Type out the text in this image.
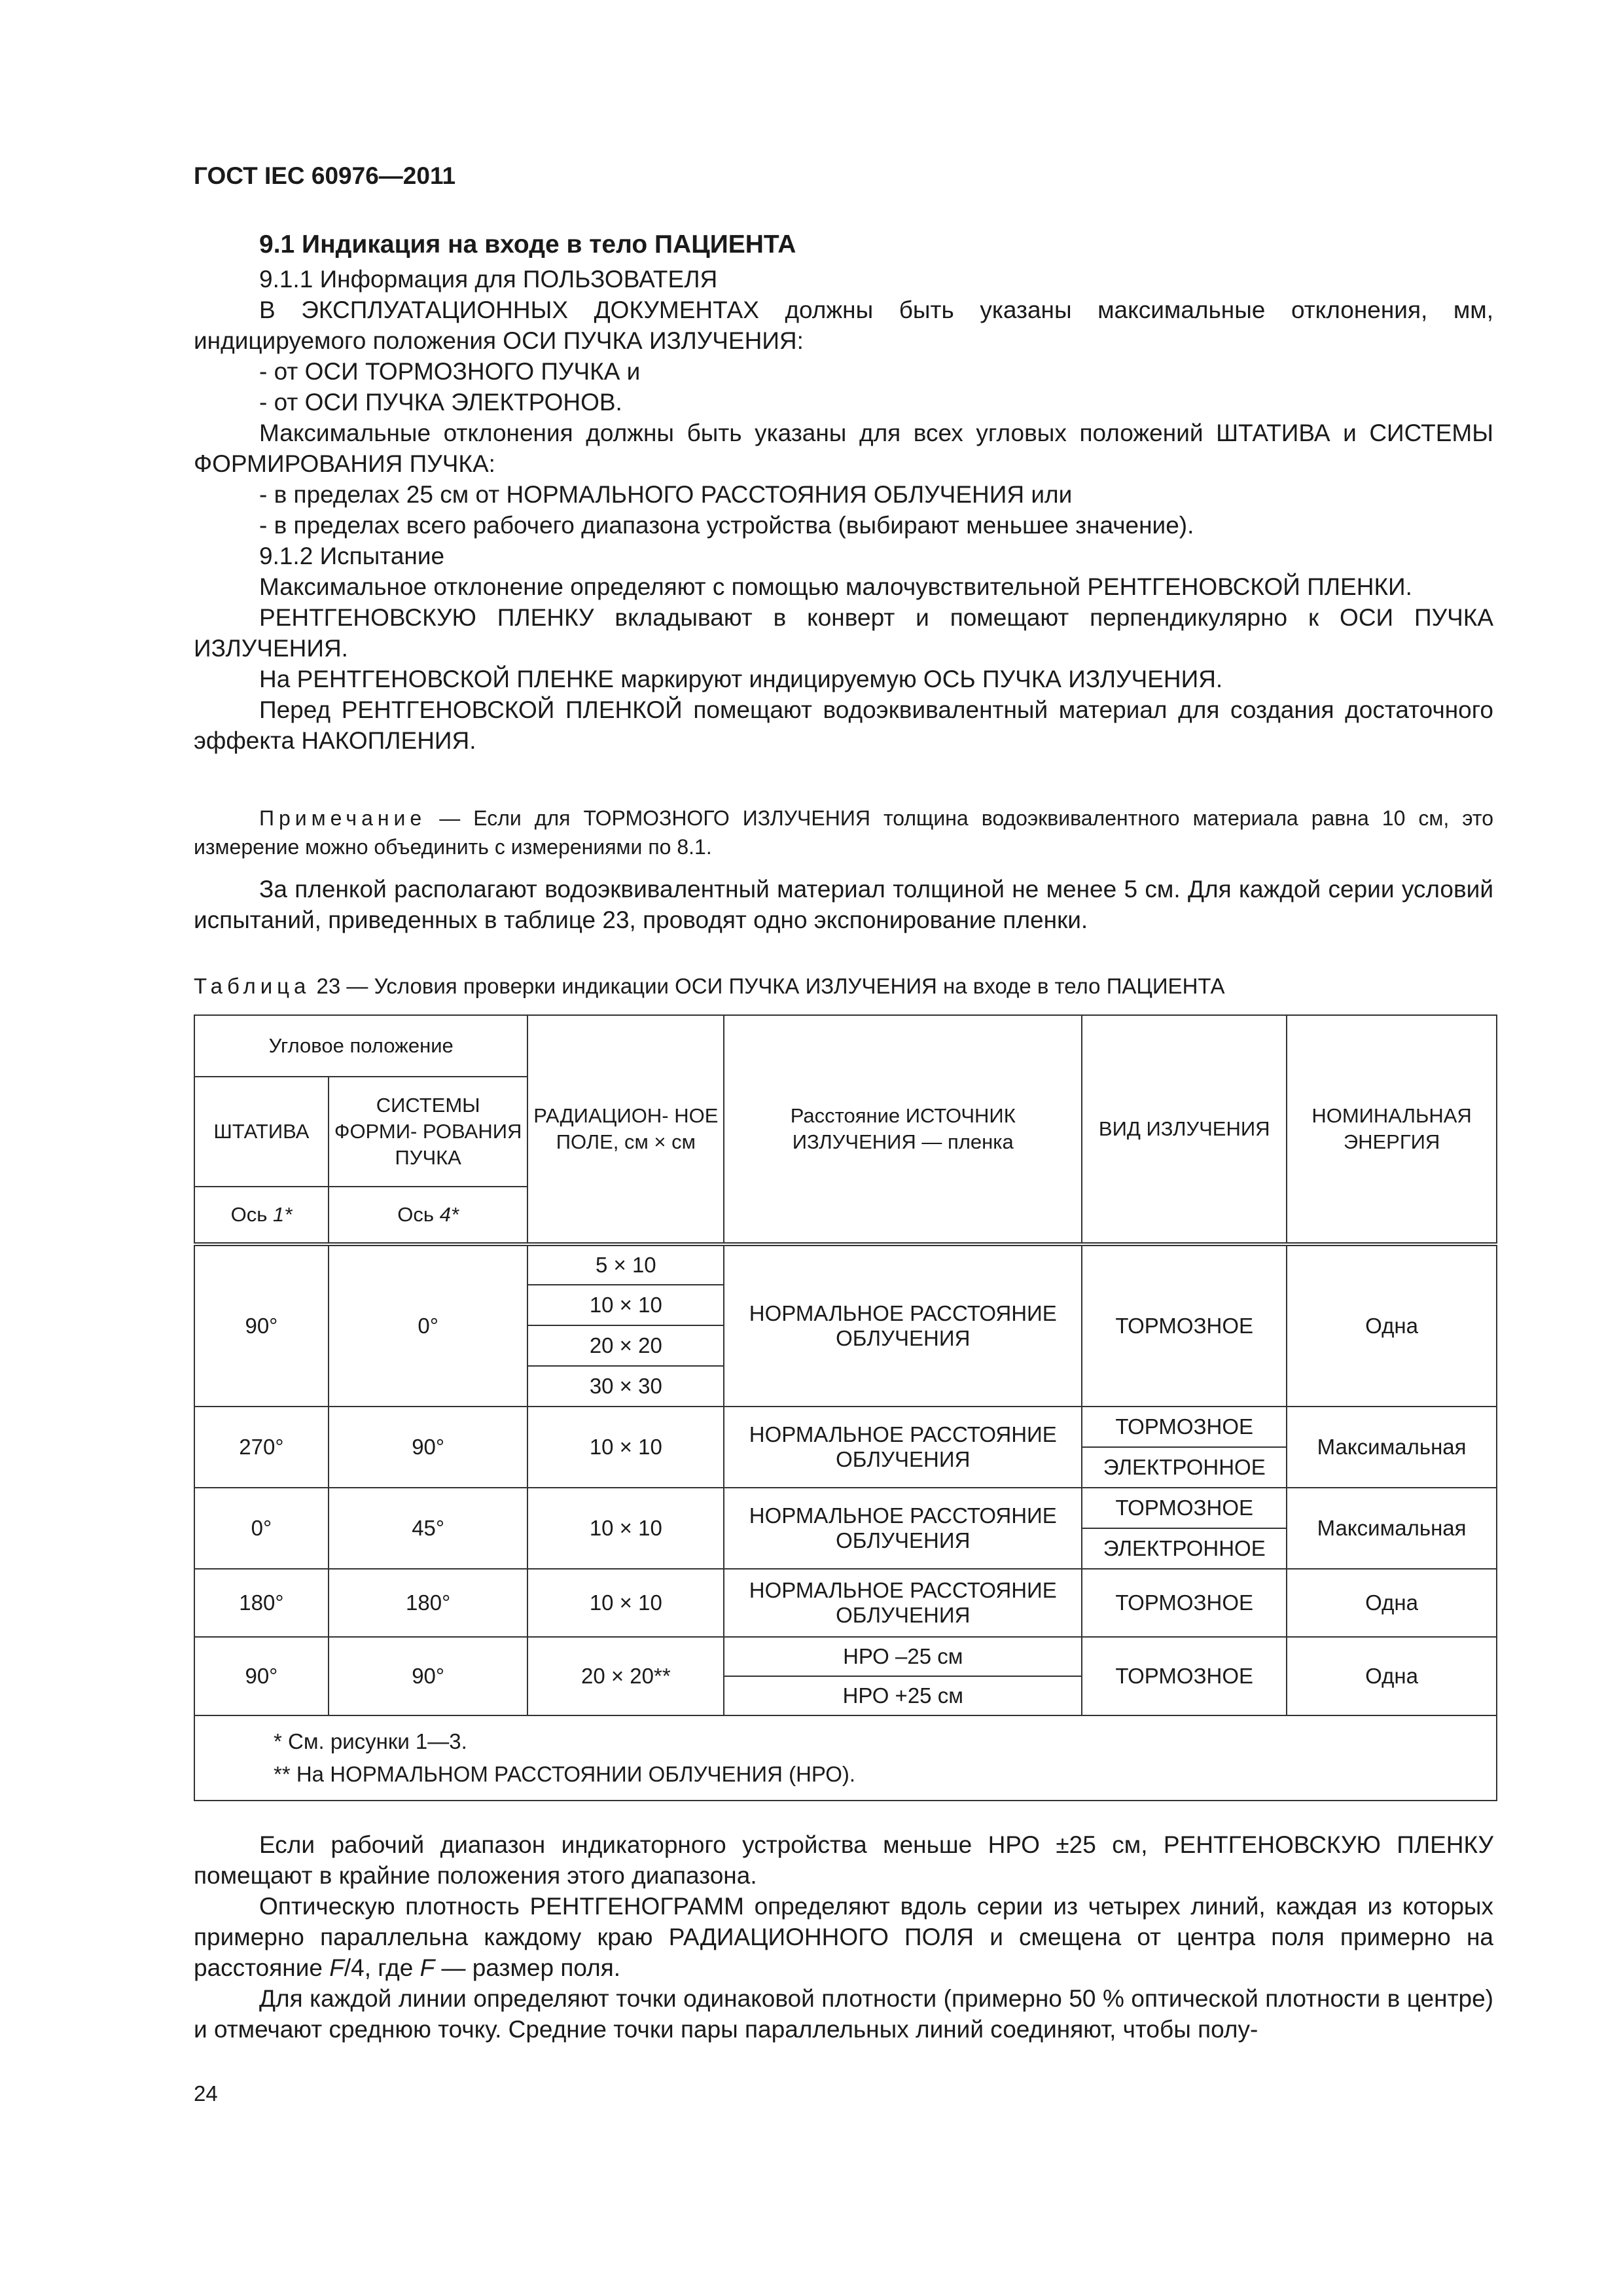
ГОСТ IEC 60976—2011

9.1 Индикация на входе в тело ПАЦИЕНТА

9.1.1 Информация для ПОЛЬЗОВАТЕЛЯ

В ЭКСПЛУАТАЦИОННЫХ ДОКУМЕНТАХ должны быть указаны максимальные отклонения, мм, индицируемого положения ОСИ ПУЧКА ИЗЛУЧЕНИЯ:

- от ОСИ ТОРМОЗНОГО ПУЧКА и

- от ОСИ ПУЧКА ЭЛЕКТРОНОВ.

Максимальные отклонения должны быть указаны для всех угловых положений ШТАТИВА и СИСТЕМЫ ФОРМИРОВАНИЯ ПУЧКА:

- в пределах 25 см от НОРМАЛЬНОГО РАССТОЯНИЯ ОБЛУЧЕНИЯ или

- в пределах всего рабочего диапазона устройства (выбирают меньшее значение).

9.1.2 Испытание

Максимальное отклонение определяют с помощью малочувствительной РЕНТГЕНОВСКОЙ ПЛЕНКИ.

РЕНТГЕНОВСКУЮ ПЛЕНКУ вкладывают в конверт и помещают перпендикулярно к ОСИ ПУЧКА ИЗЛУЧЕНИЯ.

На РЕНТГЕНОВСКОЙ ПЛЕНКЕ маркируют индицируемую ОСЬ ПУЧКА ИЗЛУЧЕНИЯ.

Перед РЕНТГЕНОВСКОЙ ПЛЕНКОЙ помещают водоэквивалентный материал для создания достаточного эффекта НАКОПЛЕНИЯ.

Примечание — Если для ТОРМОЗНОГО ИЗЛУЧЕНИЯ толщина водоэквивалентного материала равна 10 см, это измерение можно объединить с измерениями по 8.1.

За пленкой располагают водоэквивалентный материал толщиной не менее 5 см. Для каждой серии условий испытаний, приведенных в таблице 23, проводят одно экспонирование пленки.

Таблица 23 — Условия проверки индикации ОСИ ПУЧКА ИЗЛУЧЕНИЯ на входе в тело ПАЦИЕНТА
Угловое положение		РАДИАЦИОН- НОЕ ПОЛЕ, см × см	Расстояние ИСТОЧНИК ИЗЛУЧЕНИЯ — пленка	ВИД ИЗЛУЧЕНИЯ	НОМИНАЛЬНАЯ ЭНЕРГИЯ
ШТАТИВА	СИСТЕМЫ ФОРМИ- РОВАНИЯ ПУЧКА				
Ось 1*	Ось 4*				
90°	0°	5 × 10	НОРМАЛЬНОЕ РАССТОЯНИЕ ОБЛУЧЕНИЯ	ТОРМОЗНОЕ	Одна
		10 × 10			
		20 × 20			
		30 × 30			
270°	90°	10 × 10	НОРМАЛЬНОЕ РАССТОЯНИЕ ОБЛУЧЕНИЯ	ТОРМОЗНОЕ	Максимальная
				ЭЛЕКТРОННОЕ	
0°	45°	10 × 10	НОРМАЛЬНОЕ РАССТОЯНИЕ ОБЛУЧЕНИЯ	ТОРМОЗНОЕ	Максимальная
				ЭЛЕКТРОННОЕ	
180°	180°	10 × 10	НОРМАЛЬНОЕ РАССТОЯНИЕ ОБЛУЧЕНИЯ	ТОРМОЗНОЕ	Одна
90°	90°	20 × 20**	НРО –25 см	ТОРМОЗНОЕ	Одна
			НРО +25 см		

* См. рисунки 1—3.
** На НОРМАЛЬНОМ РАССТОЯНИИ ОБЛУЧЕНИЯ (НРО).					

Если рабочий диапазон индикаторного устройства меньше НРО ±25 см, РЕНТГЕНОВСКУЮ ПЛЕНКУ помещают в крайние положения этого диапазона.

Оптическую плотность РЕНТГЕНОГРАММ определяют вдоль серии из четырех линий, каждая из которых примерно параллельна каждому краю РАДИАЦИОННОГО ПОЛЯ и смещена от центра поля примерно на расстояние F/4, где F — размер поля.

Для каждой линии определяют точки одинаковой плотности (примерно 50 % оптической плотности в центре) и отмечают среднюю точку. Средние точки пары параллельных линий соединяют, чтобы полу-

24
